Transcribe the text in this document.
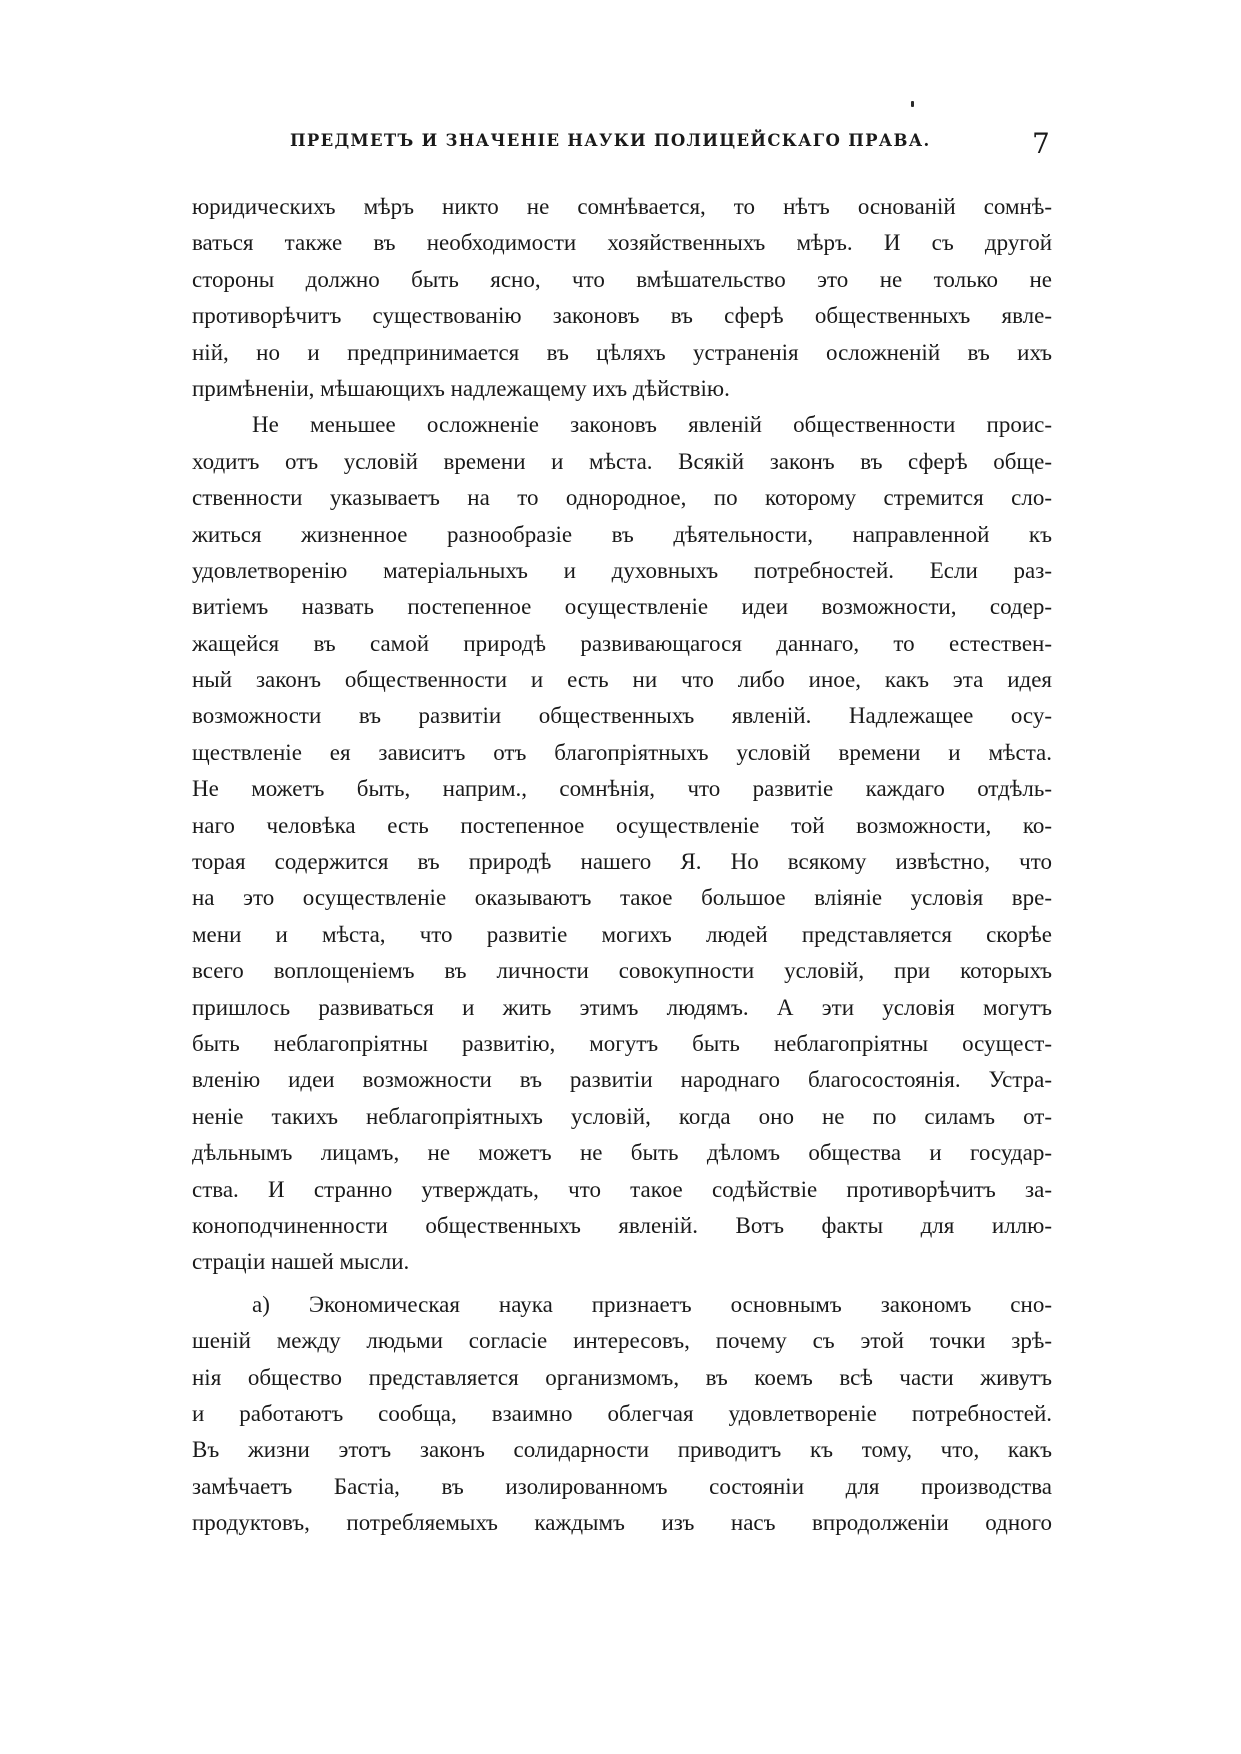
ПРЕДМЕТЪ И ЗНАЧЕНІЕ НАУКИ ПОЛИЦЕЙСКАГО ПРАВА.	7
юридическихъ мѣръ никто не сомнѣвается, то нѣтъ основаній сомнѣ-
ваться также въ необходимости хозяйственныхъ мѣръ. И съ другой
стороны должно быть ясно, что вмѣшательство это не только не
противорѣчитъ существованію законовъ въ сферѣ общественныхъ явле-
ній, но и предпринимается въ цѣляхъ устраненія осложненій въ ихъ
примѣненіи, мѣшающихъ надлежащему ихъ дѣйствію.
Не меньшее осложненіе законовъ явленій общественности проис-
ходитъ отъ условій времени и мѣста. Всякій законъ въ сферѣ обще-
ственности указываетъ на то однородное, по которому стремится сло-
житься жизненное разнообразіе въ дѣятельности, направленной къ
удовлетворенію матеріальныхъ и духовныхъ потребностей. Если раз-
витіемъ назвать постепенное осуществленіе идеи возможности, содер-
жащейся въ самой природѣ развивающагося даннаго, то естествен-
ный законъ общественности и есть ни что либо иное, какъ эта идея
возможности въ развитіи общественныхъ явленій. Надлежащее осу-
ществленіе ея зависитъ отъ благопріятныхъ условій времени и мѣста.
Не можетъ быть, наприм., сомнѣнія, что развитіе каждаго отдѣль-
наго человѣка есть постепенное осуществленіе той возможности, ко-
торая содержится въ природѣ нашего Я. Но всякому извѣстно, что
на это осуществленіе оказываютъ такое большое вліяніе условія вре-
мени и мѣста, что развитіе могихъ людей представляется скорѣе
всего воплощеніемъ въ личности совокупности условій, при которыхъ
пришлось развиваться и жить этимъ людямъ. А эти условія могутъ
быть неблагопріятны развитію, могутъ быть неблагопріятны осущест-
вленію идеи возможности въ развитіи народнаго благосостоянія. Устра-
неніе такихъ неблагопріятныхъ условій, когда оно не по силамъ от-
дѣльнымъ лицамъ, не можетъ не быть дѣломъ общества и государ-
ства. И странно утверждать, что такое содѣйствіе противорѣчитъ за-
коноподчиненности общественныхъ явленій. Вотъ факты для иллю-
страціи нашей мысли.
а) Экономическая наука признаетъ основнымъ закономъ сно-
шеній между людьми согласіе интересовъ, почему съ этой точки зрѣ-
нія общество представляется организмомъ, въ коемъ всѣ части живутъ
и работаютъ сообща, взаимно облегчая удовлетвореніе потребностей.
Въ жизни этотъ законъ солидарности приводитъ къ тому, что, какъ
замѣчаетъ Бастіа, въ изолированномъ состояніи для производства
продуктовъ, потребляемыхъ каждымъ изъ насъ впродолженіи одного
